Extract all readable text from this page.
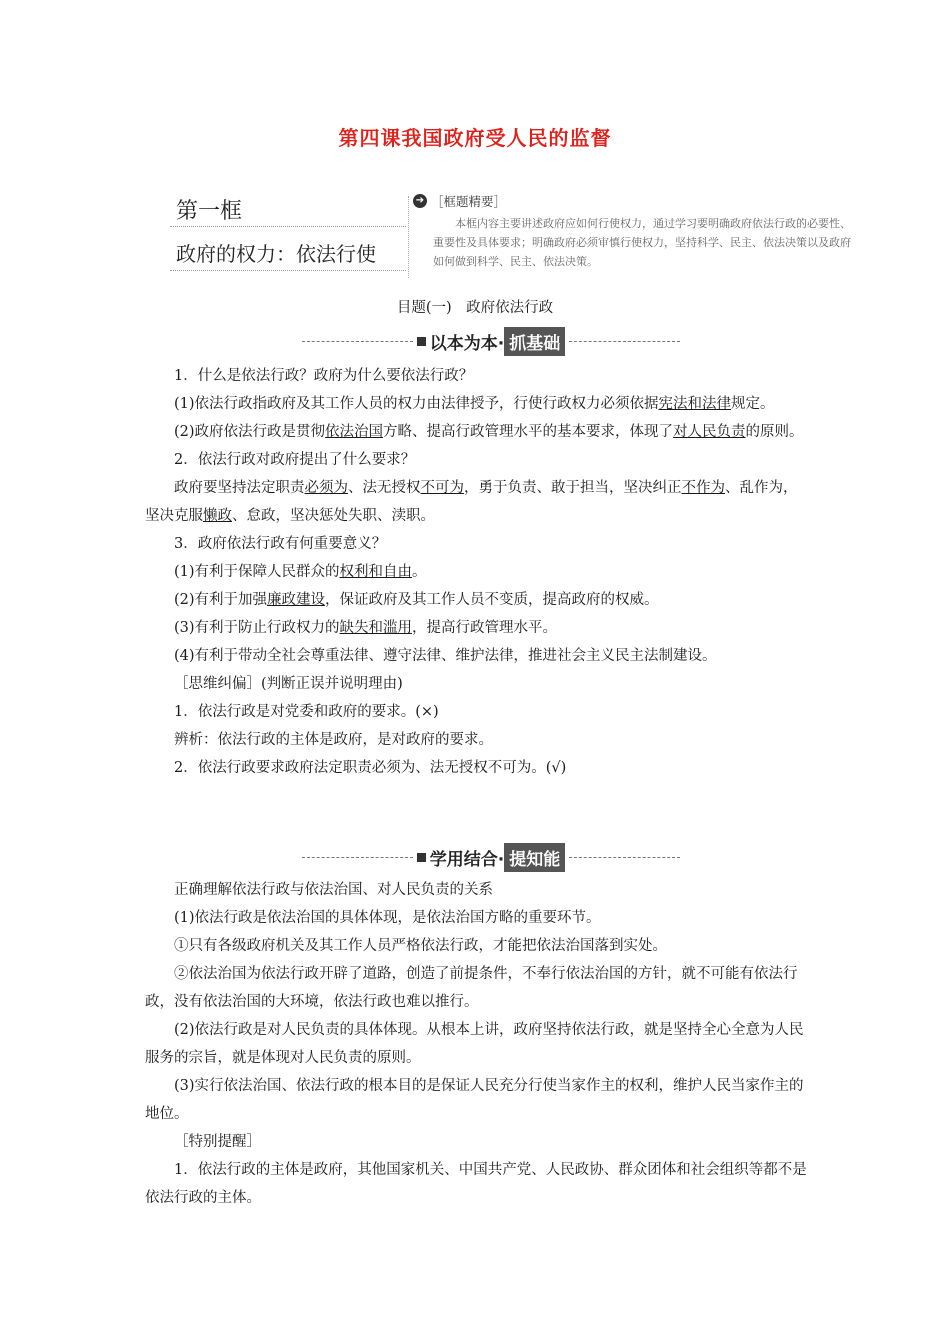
第四课我国政府受人民的监督
第一框
政府的权力：依法行使
➔ ［框题精要］
本框内容主要讲述政府应如何行使权力，通过学习要明确政府依法行政的必要性、重要性及具体要求；明确政府必须审慎行使权力，坚持科学、民主、依法决策以及政府如何做到科学、民主、依法决策。
目题(一)　政府依法行政
以本为本· 抓基础

1．什么是依法行政？政府为什么要依法行政？

(1)依法行政指政府及其工作人员的权力由法律授予，行使行政权力必须依据宪法和法律规定。

(2)政府依法行政是贯彻依法治国方略、提高行政管理水平的基本要求，体现了对人民负责的原则。

2．依法行政对政府提出了什么要求？

政府要坚持法定职责必须为、法无授权不可为，勇于负责、敢于担当，坚决纠正不作为、乱作为，坚决克服懒政、怠政，坚决惩处失职、渎职。

3．政府依法行政有何重要意义？

(1)有利于保障人民群众的权利和自由。

(2)有利于加强廉政建设，保证政府及其工作人员不变质，提高政府的权威。

(3)有利于防止行政权力的缺失和滥用，提高行政管理水平。

(4)有利于带动全社会尊重法律、遵守法律、维护法律，推进社会主义民主法制建设。

［思维纠偏］(判断正误并说明理由)

1．依法行政是对党委和政府的要求。(×)

辨析：依法行政的主体是政府，是对政府的要求。

2．依法行政要求政府法定职责必须为、法无授权不可为。(√)

学用结合· 提知能

正确理解依法行政与依法治国、对人民负责的关系

(1)依法行政是依法治国的具体体现，是依法治国方略的重要环节。

①只有各级政府机关及其工作人员严格依法行政，才能把依法治国落到实处。

②依法治国为依法行政开辟了道路，创造了前提条件，不奉行依法治国的方针，就不可能有依法行政，没有依法治国的大环境，依法行政也难以推行。

(2)依法行政是对人民负责的具体体现。从根本上讲，政府坚持依法行政，就是坚持全心全意为人民服务的宗旨，就是体现对人民负责的原则。

(3)实行依法治国、依法行政的根本目的是保证人民充分行使当家作主的权利，维护人民当家作主的地位。

［特别提醒］

1．依法行政的主体是政府，其他国家机关、中国共产党、人民政协、群众团体和社会组织等都不是依法行政的主体。
